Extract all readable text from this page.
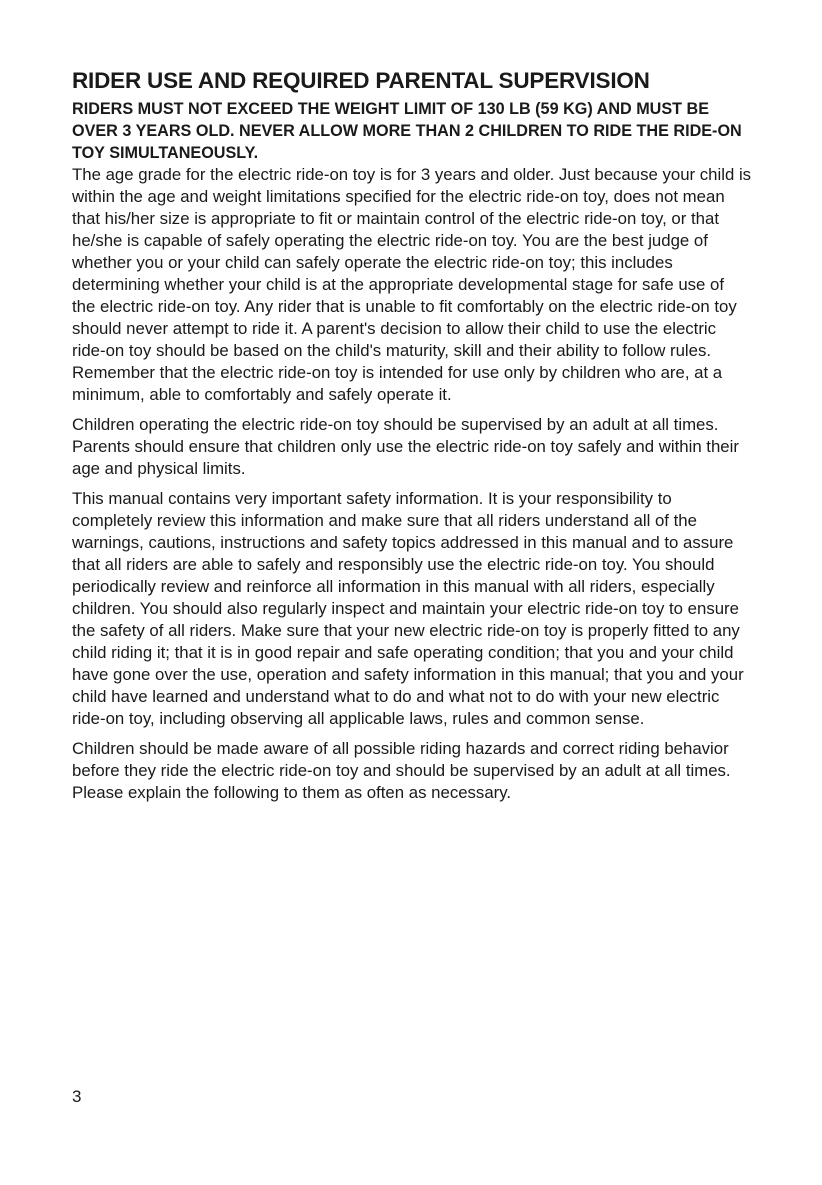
RIDER USE AND REQUIRED PARENTAL SUPERVISION

RIDERS MUST NOT EXCEED THE WEIGHT LIMIT OF 130 LB (59 KG) AND MUST BE OVER 3 YEARS OLD. NEVER ALLOW MORE THAN 2 CHILDREN TO RIDE THE RIDE-ON TOY SIMULTANEOUSLY.

The age grade for the electric ride-on toy is for 3 years and older. Just because your child is within the age and weight limitations specified for the electric ride-on toy, does not mean that his/her size is appropriate to fit or maintain control of the electric ride-on toy, or that he/she is capable of safely operating the electric ride-on toy. You are the best judge of whether you or your child can safely operate the electric ride-on toy; this includes determining whether your child is at the appropriate developmental stage for safe use of the electric ride-on toy. Any rider that is unable to fit comfortably on the electric ride-on toy should never attempt to ride it. A parent's decision to allow their child to use the electric ride-on toy should be based on the child's maturity, skill and their ability to follow rules. Remember that the electric ride-on toy is intended for use only by children who are, at a minimum, able to comfortably and safely operate it.

Children operating the electric ride-on toy should be supervised by an adult at all times. Parents should ensure that children only use the electric ride-on toy safely and within their age and physical limits.

This manual contains very important safety information. It is your responsibility to completely review this information and make sure that all riders understand all of the warnings, cautions, instructions and safety topics addressed in this manual and to assure that all riders are able to safely and responsibly use the electric ride-on toy. You should periodically review and reinforce all information in this manual with all riders, especially children. You should also regularly inspect and maintain your electric ride-on toy to ensure the safety of all riders. Make sure that your new electric ride-on toy is properly fitted to any child riding it; that it is in good repair and safe operating condition; that you and your child have gone over the use, operation and safety information in this manual; that you and your child have learned and understand what to do and what not to do with your new electric ride-on toy, including observing all applicable laws, rules and common sense.

Children should be made aware of all possible riding hazards and correct riding behavior before they ride the electric ride-on toy and should be supervised by an adult at all times. Please explain the following to them as often as necessary.

3
